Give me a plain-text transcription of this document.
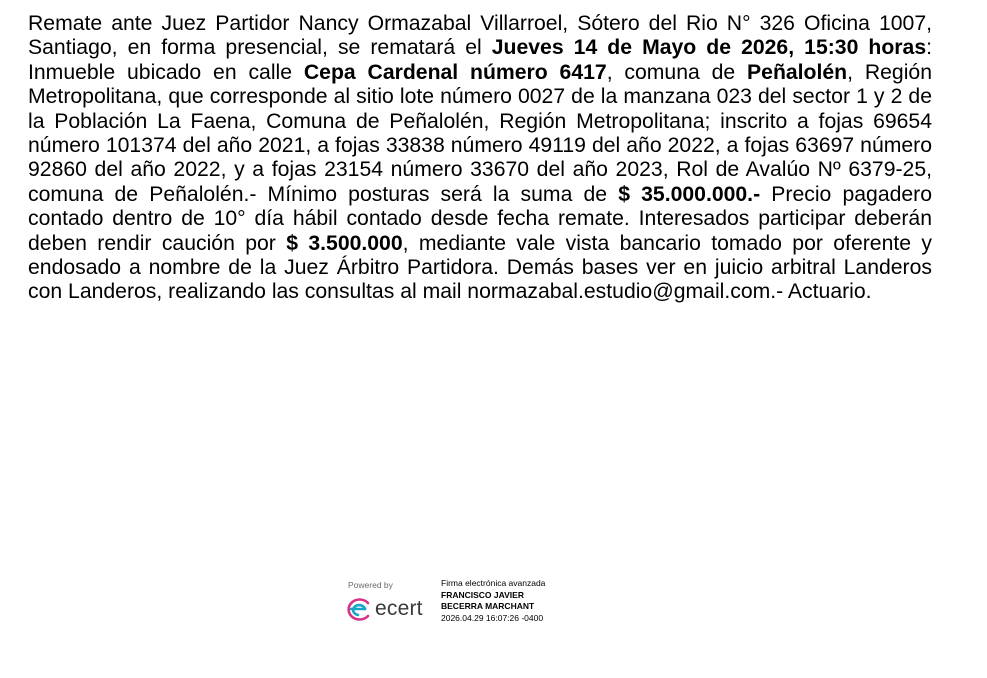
Remate ante Juez Partidor Nancy Ormazabal Villarroel, Sótero del Rio N° 326 Oficina 1007, Santiago, en forma presencial, se rematará el Jueves 14 de Mayo de 2026, 15:30 horas: Inmueble ubicado en calle Cepa Cardenal número 6417, comuna de Peñalolén, Región Metropolitana, que corresponde al sitio lote número 0027 de la manzana 023 del sector 1 y 2 de la Población La Faena, Comuna de Peñalolén, Región Metropolitana; inscrito a fojas 69654 número 101374 del año 2021, a fojas 33838 número 49119 del año 2022, a fojas 63697 número 92860 del año 2022, y a fojas 23154 número 33670 del año 2023, Rol de Avalúo Nº 6379-25, comuna de Peñalolén.- Mínimo posturas será la suma de $ 35.000.000.- Precio pagadero contado dentro de 10° día hábil contado desde fecha remate. Interesados participar deberán deben rendir caución por $ 3.500.000, mediante vale vista bancario tomado por oferente y endosado a nombre de la Juez Árbitro Partidora. Demás bases ver en juicio arbitral Landeros con Landeros, realizando las consultas al mail normazabal.estudio@gmail.com.- Actuario.

Powered by
ecert
Firma electrónica avanzada
FRANCISCO JAVIER
BECERRA MARCHANT
2026.04.29 16:07:26 -0400
